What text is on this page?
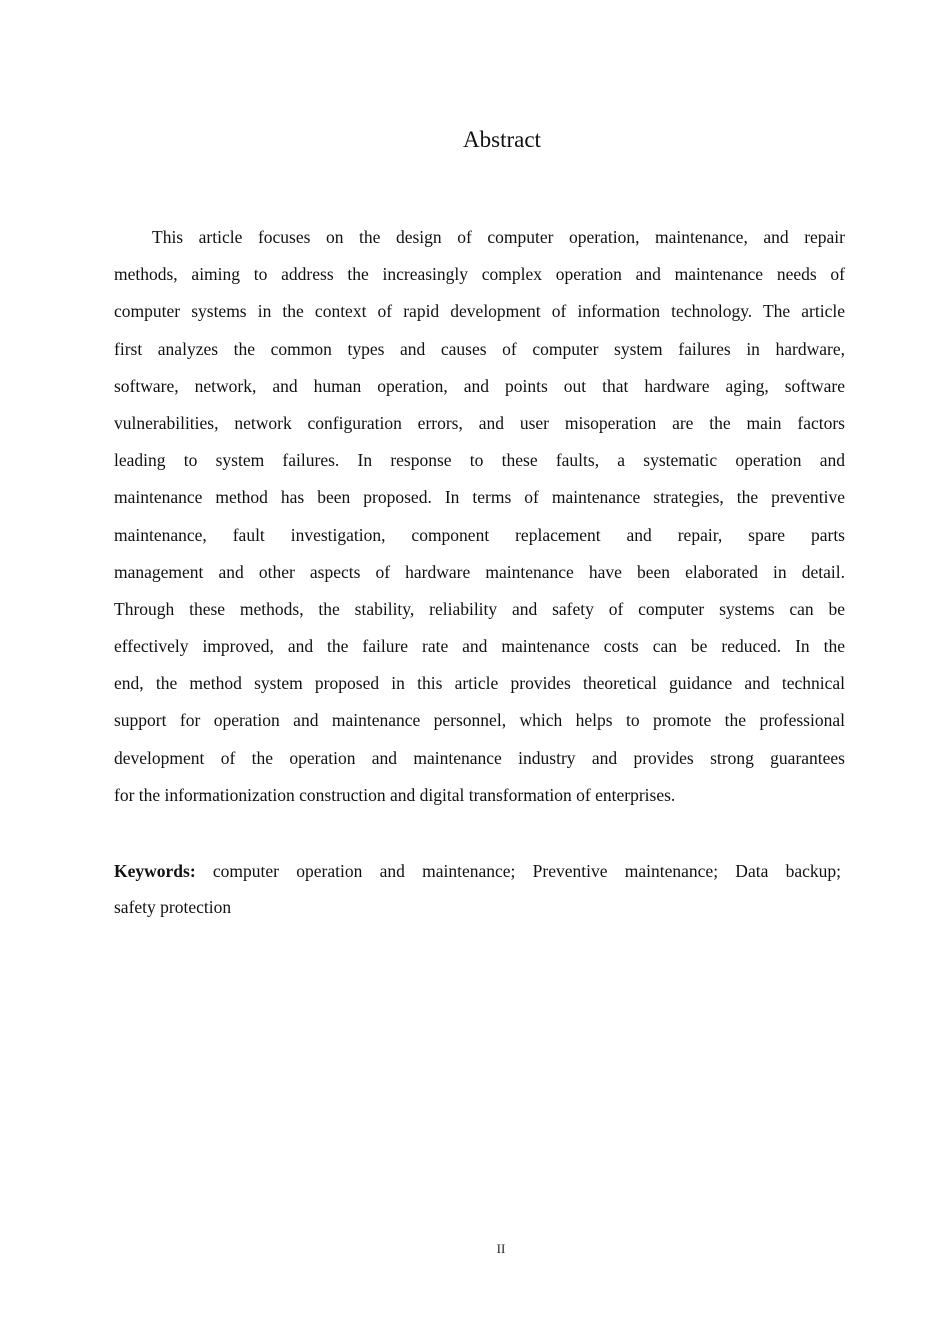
Abstract
This article focuses on the design of computer operation, maintenance, and repair
methods, aiming to address the increasingly complex operation and maintenance needs of
computer systems in the context of rapid development of information technology. The article
first analyzes the common types and causes of computer system failures in hardware,
software, network, and human operation, and points out that hardware aging, software
vulnerabilities, network configuration errors, and user misoperation are the main factors
leading to system failures. In response to these faults, a systematic operation and
maintenance method has been proposed. In terms of maintenance strategies, the preventive
maintenance, fault investigation, component replacement and repair, spare parts
management and other aspects of hardware maintenance have been elaborated in detail.
Through these methods, the stability, reliability and safety of computer systems can be
effectively improved, and the failure rate and maintenance costs can be reduced. In the
end, the method system proposed in this article provides theoretical guidance and technical
support for operation and maintenance personnel, which helps to promote the professional
development of the operation and maintenance industry and provides strong guarantees
for the informationization construction and digital transformation of enterprises.
Keywords: computer operation and maintenance; Preventive maintenance; Data backup;
safety protection
II
